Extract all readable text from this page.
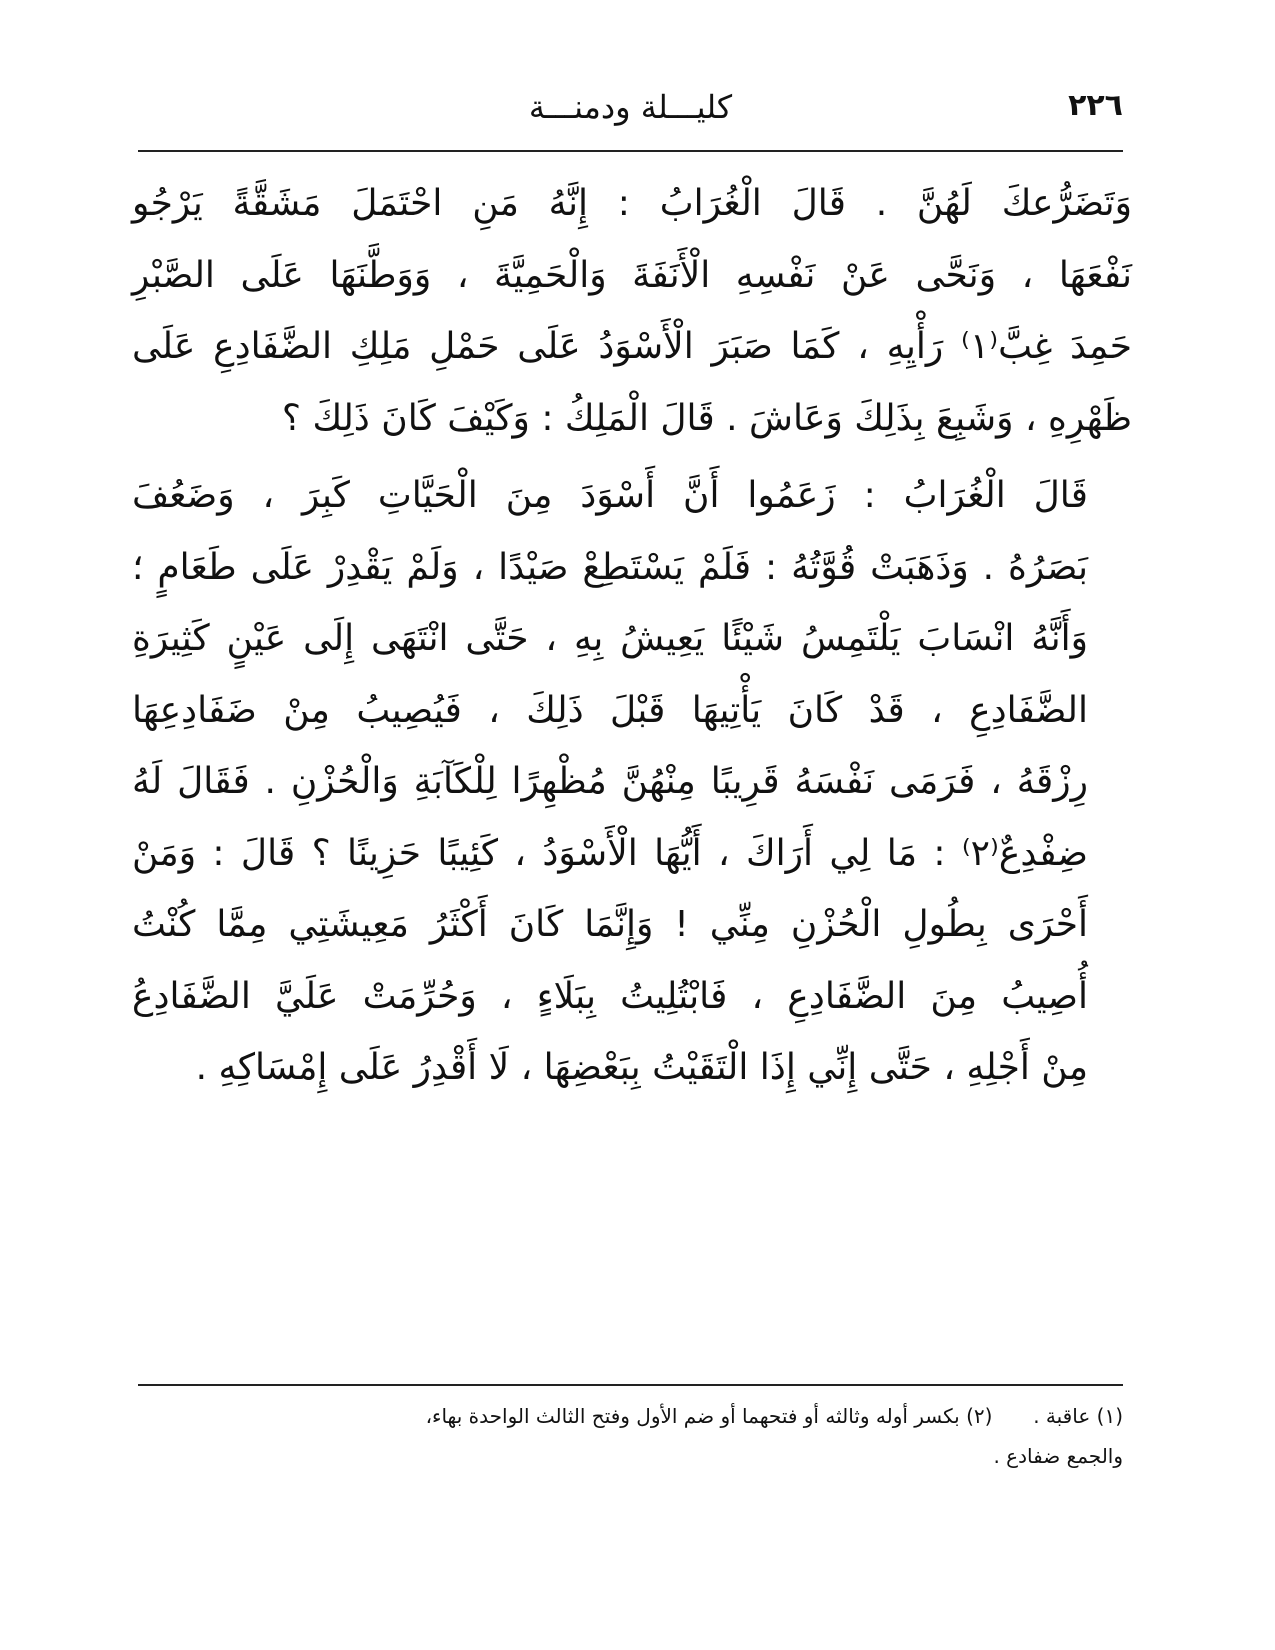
٢٢٦
كليـــلة ودمنـــة

وَتَضَرُّعكَ لَهُنَّ . قَالَ الْغُرَابُ : إِنَّهُ مَنِ احْتَمَلَ مَشَقَّةً يَرْجُو
نَفْعَهَا ، وَنَحَّى عَنْ نَفْسِهِ الْأَنَفَةَ وَالْحَمِيَّةَ ، وَوَطَّنَهَا عَلَى الصَّبْرِ
حَمِدَ غِبَّ⁽١⁾ رَأْيِهِ ، كَمَا صَبَرَ الْأَسْوَدُ عَلَى حَمْلِ مَلِكِ الضَّفَادِعِ عَلَى
ظَهْرِهِ ، وَشَبِعَ بِذَلِكَ وَعَاشَ . قَالَ الْمَلِكُ : وَكَيْفَ كَانَ ذَلِكَ ؟

قَالَ الْغُرَابُ : زَعَمُوا أَنَّ أَسْوَدَ مِنَ الْحَيَّاتِ كَبِرَ ، وَضَعُفَ
بَصَرُهُ . وَذَهَبَتْ قُوَّتُهُ : فَلَمْ يَسْتَطِعْ صَيْدًا ، وَلَمْ يَقْدِرْ عَلَى طَعَامٍ ؛
وَأَنَّهُ انْسَابَ يَلْتَمِسُ شَيْئًا يَعِيشُ بِهِ ، حَتَّى انْتَهَى إِلَى عَيْنٍ كَثِيرَةِ
الضَّفَادِعِ ، قَدْ كَانَ يَأْتِيهَا قَبْلَ ذَلِكَ ، فَيُصِيبُ مِنْ ضَفَادِعِهَا
رِزْقَهُ ، فَرَمَى نَفْسَهُ قَرِيبًا مِنْهُنَّ مُظْهِرًا لِلْكَآبَةِ وَالْحُزْنِ . فَقَالَ لَهُ
ضِفْدِعٌ⁽٢⁾ : مَا لِي أَرَاكَ ، أَيُّهَا الْأَسْوَدُ ، كَئِيبًا حَزِينًا ؟ قَالَ : وَمَنْ
أَحْرَى بِطُولِ الْحُزْنِ مِنِّي ! وَإِنَّمَا كَانَ أَكْثَرُ مَعِيشَتِي مِمَّا كُنْتُ
أُصِيبُ مِنَ الضَّفَادِعِ ، فَابْتُلِيتُ بِبَلَاءٍ ، وَحُرِّمَتْ عَلَيَّ الضَّفَادِعُ
مِنْ أَجْلِهِ ، حَتَّى إِنِّي إِذَا الْتَقَيْتُ بِبَعْضِهَا ، لَا أَقْدِرُ عَلَى إِمْسَاكِهِ .

(١) عاقبة .  (٢) بكسر أوله وثالثه أو فتحهما أو ضم الأول وفتح الثالث الواحدة بهاء،
والجمع ضفادع .
